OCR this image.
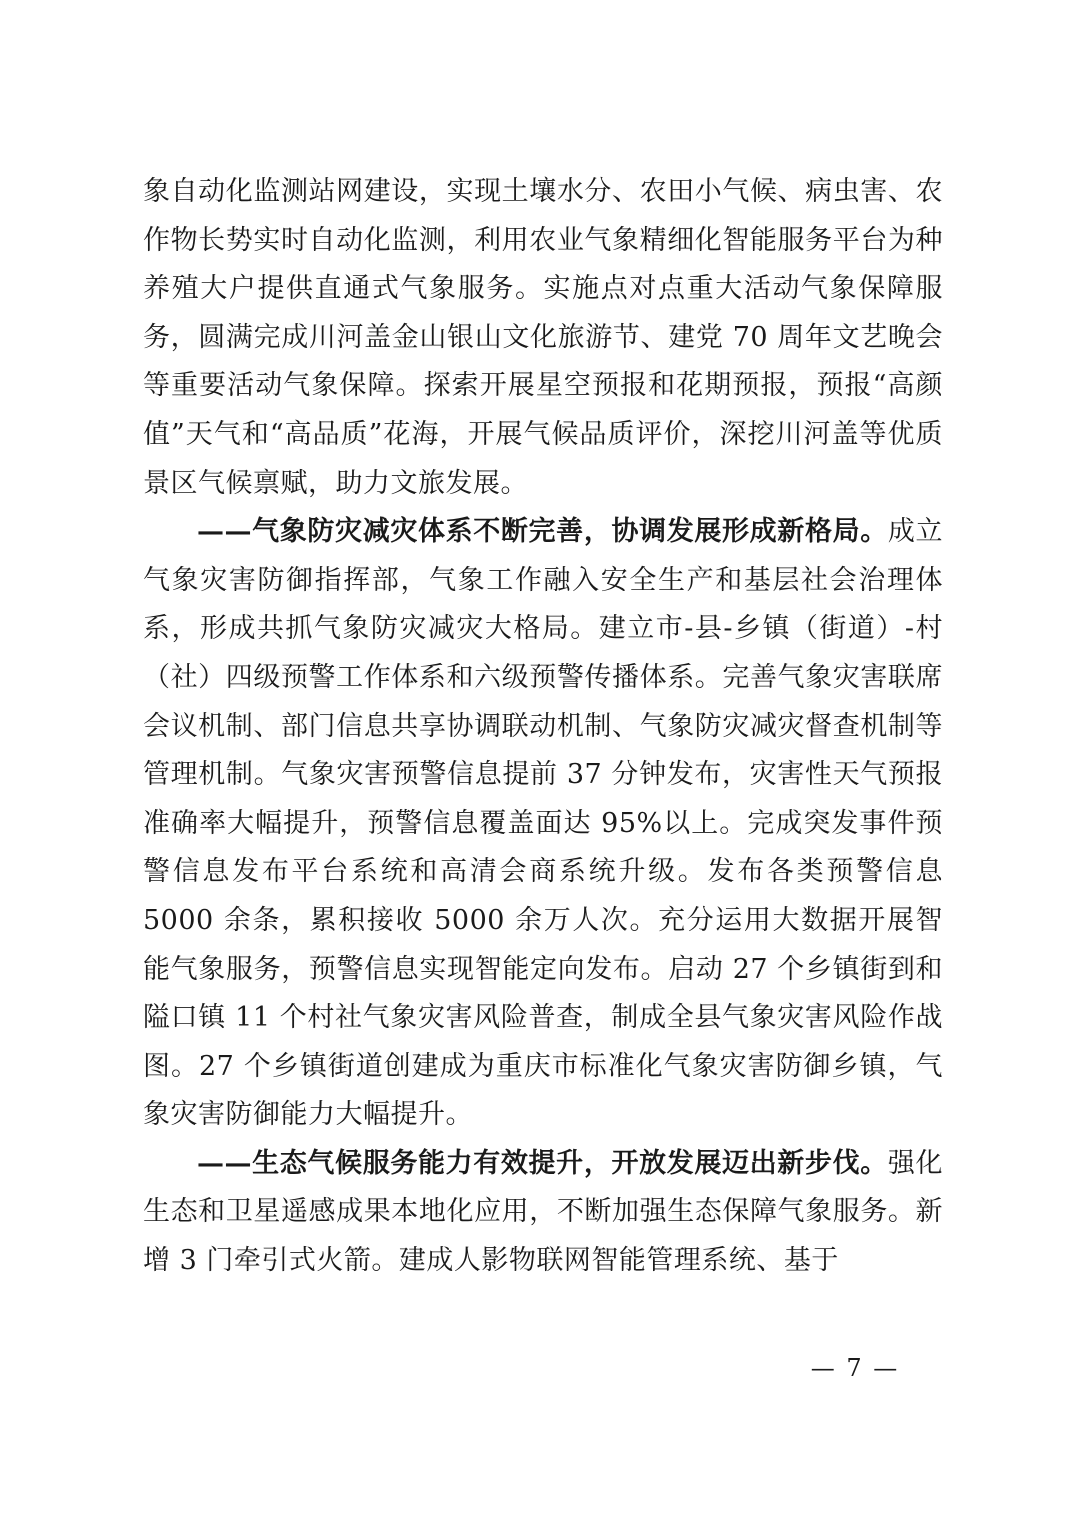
象自动化监测站网建设，实现土壤水分、农田小气候、病虫害、农作物长势实时自动化监测，利用农业气象精细化智能服务平台为种养殖大户提供直通式气象服务。实施点对点重大活动气象保障服务，圆满完成川河盖金山银山文化旅游节、建党 70 周年文艺晚会等重要活动气象保障。探索开展星空预报和花期预报，预报“高颜值”天气和“高品质”花海，开展气候品质评价，深挖川河盖等优质景区气候禀赋，助力文旅发展。

——气象防灾减灾体系不断完善，协调发展形成新格局。成立气象灾害防御指挥部，气象工作融入安全生产和基层社会治理体系，形成共抓气象防灾减灾大格局。建立市-县-乡镇（街道）-村（社）四级预警工作体系和六级预警传播体系。完善气象灾害联席会议机制、部门信息共享协调联动机制、气象防灾减灾督查机制等管理机制。气象灾害预警信息提前 37 分钟发布，灾害性天气预报准确率大幅提升，预警信息覆盖面达 95%以上。完成突发事件预警信息发布平台系统和高清会商系统升级。发布各类预警信息 5000 余条，累积接收 5000 余万人次。充分运用大数据开展智能气象服务，预警信息实现智能定向发布。启动 27 个乡镇街到和隘口镇 11 个村社气象灾害风险普查，制成全县气象灾害风险作战图。27 个乡镇街道创建成为重庆市标准化气象灾害防御乡镇，气象灾害防御能力大幅提升。

——生态气候服务能力有效提升，开放发展迈出新步伐。强化生态和卫星遥感成果本地化应用，不断加强生态保障气象服务。新增 3 门牵引式火箭。建成人影物联网智能管理系统、基于

— 7 —
